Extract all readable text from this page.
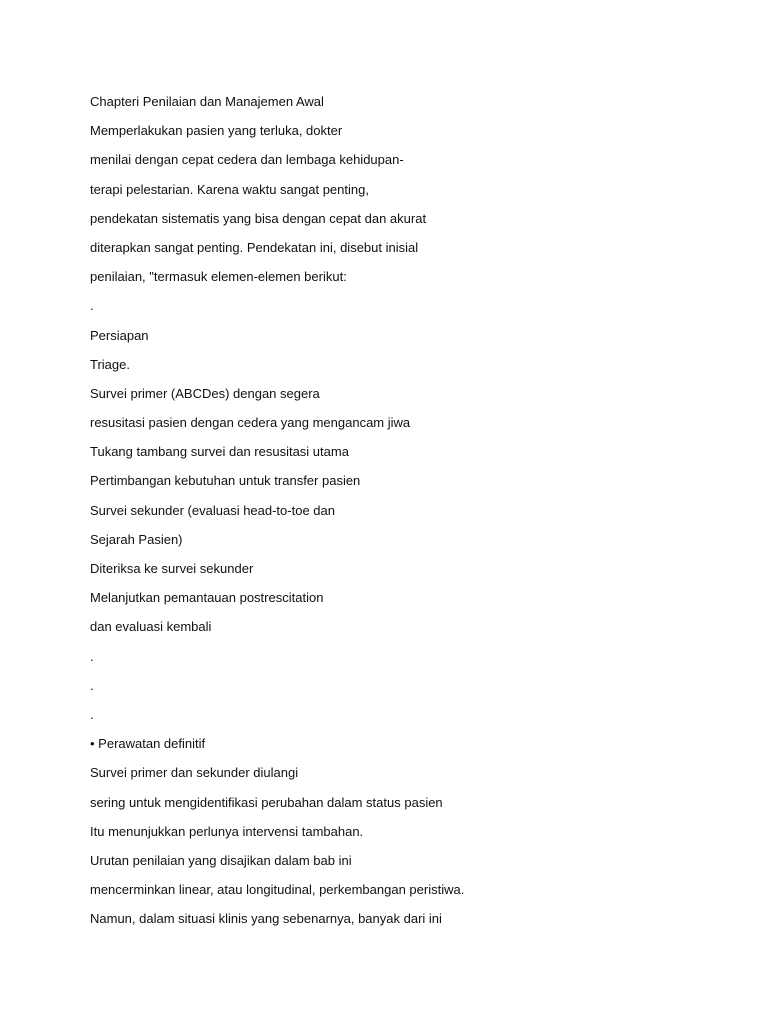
Chapteri Penilaian dan Manajemen Awal
Memperlakukan pasien yang terluka, dokter
menilai dengan cepat cedera dan lembaga kehidupan-
terapi pelestarian. Karena waktu sangat penting,
pendekatan sistematis yang bisa dengan cepat dan akurat
diterapkan sangat penting. Pendekatan ini, disebut inisial
penilaian, "termasuk elemen-elemen berikut:
.
Persiapan
Triage.
Survei primer (ABCDes) dengan segera
resusitasi pasien dengan cedera yang mengancam jiwa
Tukang tambang survei dan resusitasi utama
Pertimbangan kebutuhan untuk transfer pasien
Survei sekunder (evaluasi head-to-toe dan
Sejarah Pasien)
Diteriksa ke survei sekunder
Melanjutkan pemantauan postrescitation
dan evaluasi kembali
.
.
.
• Perawatan definitif
Survei primer dan sekunder diulangi
sering untuk mengidentifikasi perubahan dalam status pasien
Itu menunjukkan perlunya intervensi tambahan.
Urutan penilaian yang disajikan dalam bab ini
mencerminkan linear, atau longitudinal, perkembangan peristiwa.
Namun, dalam situasi klinis yang sebenarnya, banyak dari ini
